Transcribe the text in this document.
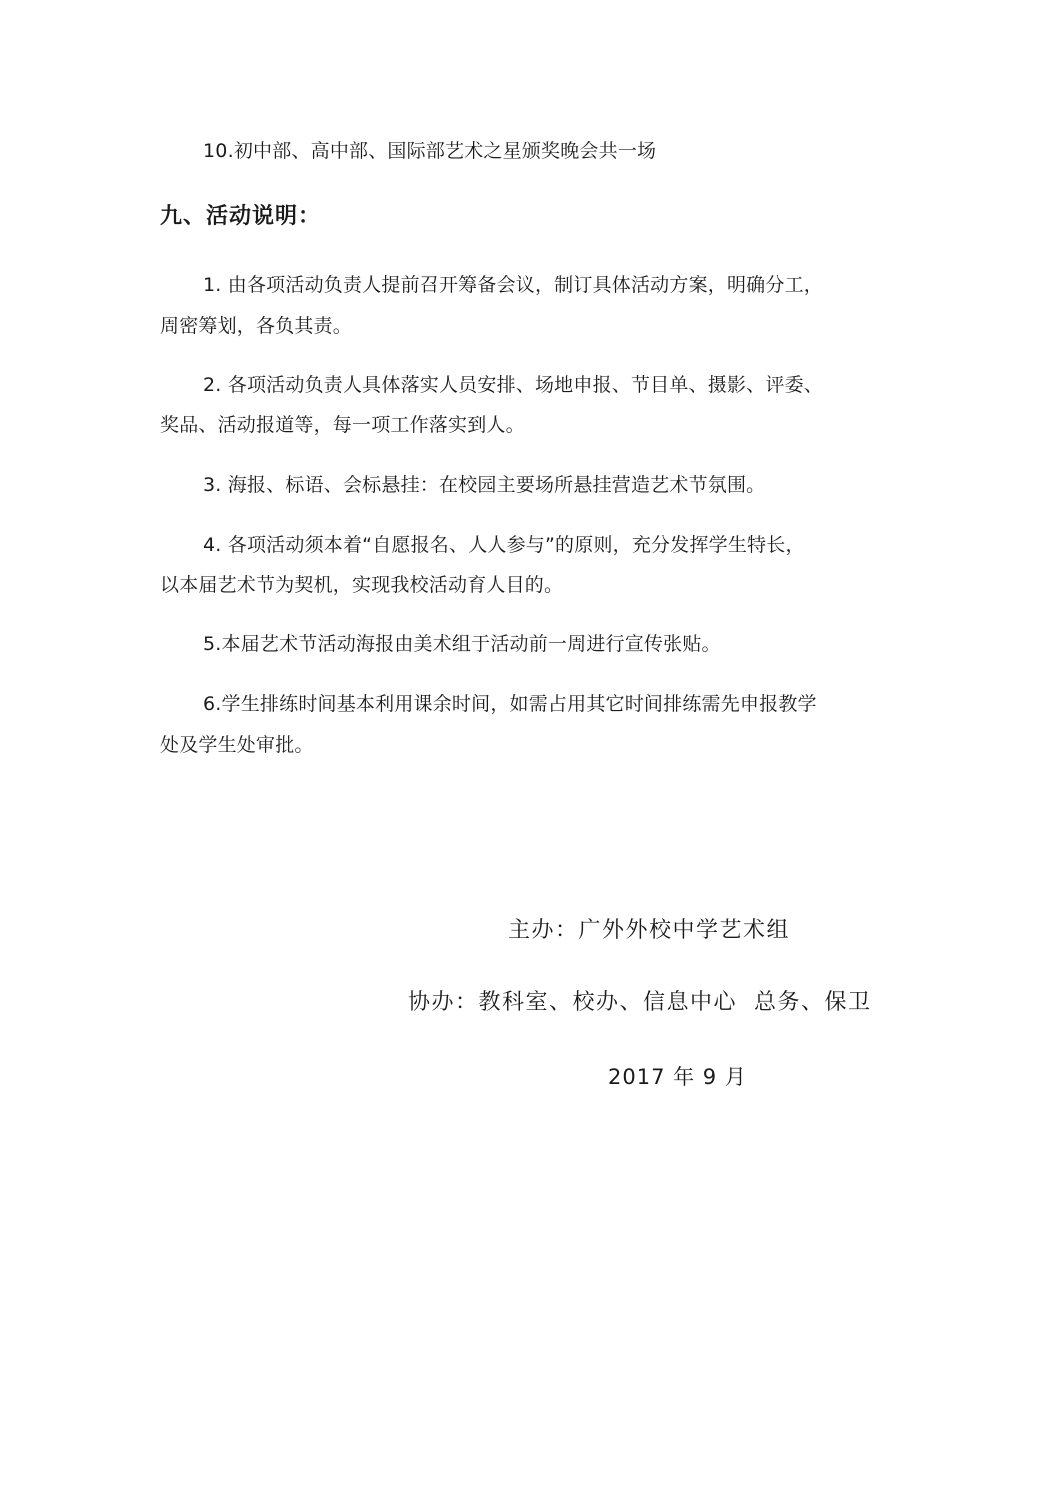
10.初中部、高中部、国际部艺术之星颁奖晚会共一场
九、活动说明：
1. 由各项活动负责人提前召开筹备会议，制订具体活动方案，明确分工，
周密筹划，各负其责。
2. 各项活动负责人具体落实人员安排、场地申报、节目单、摄影、评委、
奖品、活动报道等，每一项工作落实到人。
3. 海报、标语、会标悬挂：在校园主要场所悬挂营造艺术节氛围。
4. 各项活动须本着“自愿报名、人人参与”的原则，充分发挥学生特长，
以本届艺术节为契机，实现我校活动育人目的。
5.本届艺术节活动海报由美术组于活动前一周进行宣传张贴。
6.学生排练时间基本利用课余时间，如需占用其它时间排练需先申报教学
处及学生处审批。
主办：广外外校中学艺术组
协办：教科室、校办、信息中心  总务、保卫
2017 年 9 月
